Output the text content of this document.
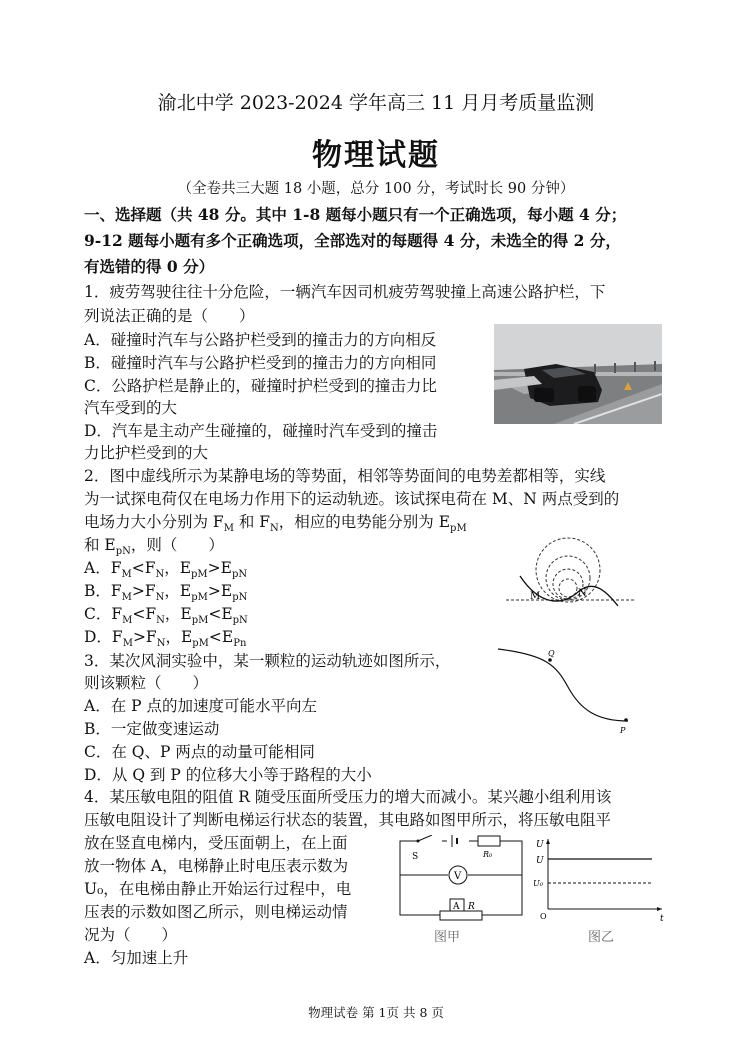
渝北中学 2023-2024 学年高三 11 月月考质量监测
物理试题
（全卷共三大题 18 小题，总分 100 分，考试时长 90 分钟）
一、选择题（共 48 分。其中 1-8 题每小题只有一个正确选项，每小题 4 分；
9-12 题每小题有多个正确选项，全部选对的每题得 4 分，未选全的得 2 分，
有选错的得 0 分）
1．疲劳驾驶往往十分危险，一辆汽车因司机疲劳驾驶撞上高速公路护栏，下
列说法正确的是（　　）
A．碰撞时汽车与公路护栏受到的撞击力的方向相反
B．碰撞时汽车与公路护栏受到的撞击力的方向相同
C．公路护栏是静止的，碰撞时护栏受到的撞击力比
汽车受到的大
D．汽车是主动产生碰撞的，碰撞时汽车受到的撞击
力比护栏受到的大
2．图中虚线所示为某静电场的等势面，相邻等势面间的电势差都相等，实线
为一试探电荷仅在电场力作用下的运动轨迹。该试探电荷在 M、N 两点受到的
电场力大小分别为 $F_M$ 和 $F_N$，相应的电势能分别为 $E_{pM}$
和 $E_{pN}$，则（　　）
A．$F_M<F_N$，$E_{pM}>E_{pN}$
B．$F_M>F_N$，$E_{pM}>E_{pN}$
C．$F_M<F_N$，$E_{pM}<E_{pN}$
D．$F_M>F_N$，$E_{pM}<E_{Pn}$
M	N
3．某次风洞实验中，某一颗粒的运动轨迹如图所示，
则该颗粒（　　）
A．在 P 点的加速度可能水平向左
B．一定做变速运动
C．在 Q、P 两点的动量可能相同
D．从 Q 到 P 的位移大小等于路程的大小
Q
P
4．某压敏电阻的阻值 R 随受压面所受压力的增大而减小。某兴趣小组利用该
压敏电阻设计了判断电梯运行状态的装置，其电路如图甲所示，将压敏电阻平
放在竖直电梯内，受压面朝上，在上面
放一物体 A，电梯静止时电压表示数为
U₀，在电梯由静止开始运行过程中，电
压表的示数如图乙所示，则电梯运动情
况为（　　）
A．匀加速上升
S	R₀
V
A R
图甲
U
U
U₀
t
O
图乙
物理试卷 第 1页 共 8 页
